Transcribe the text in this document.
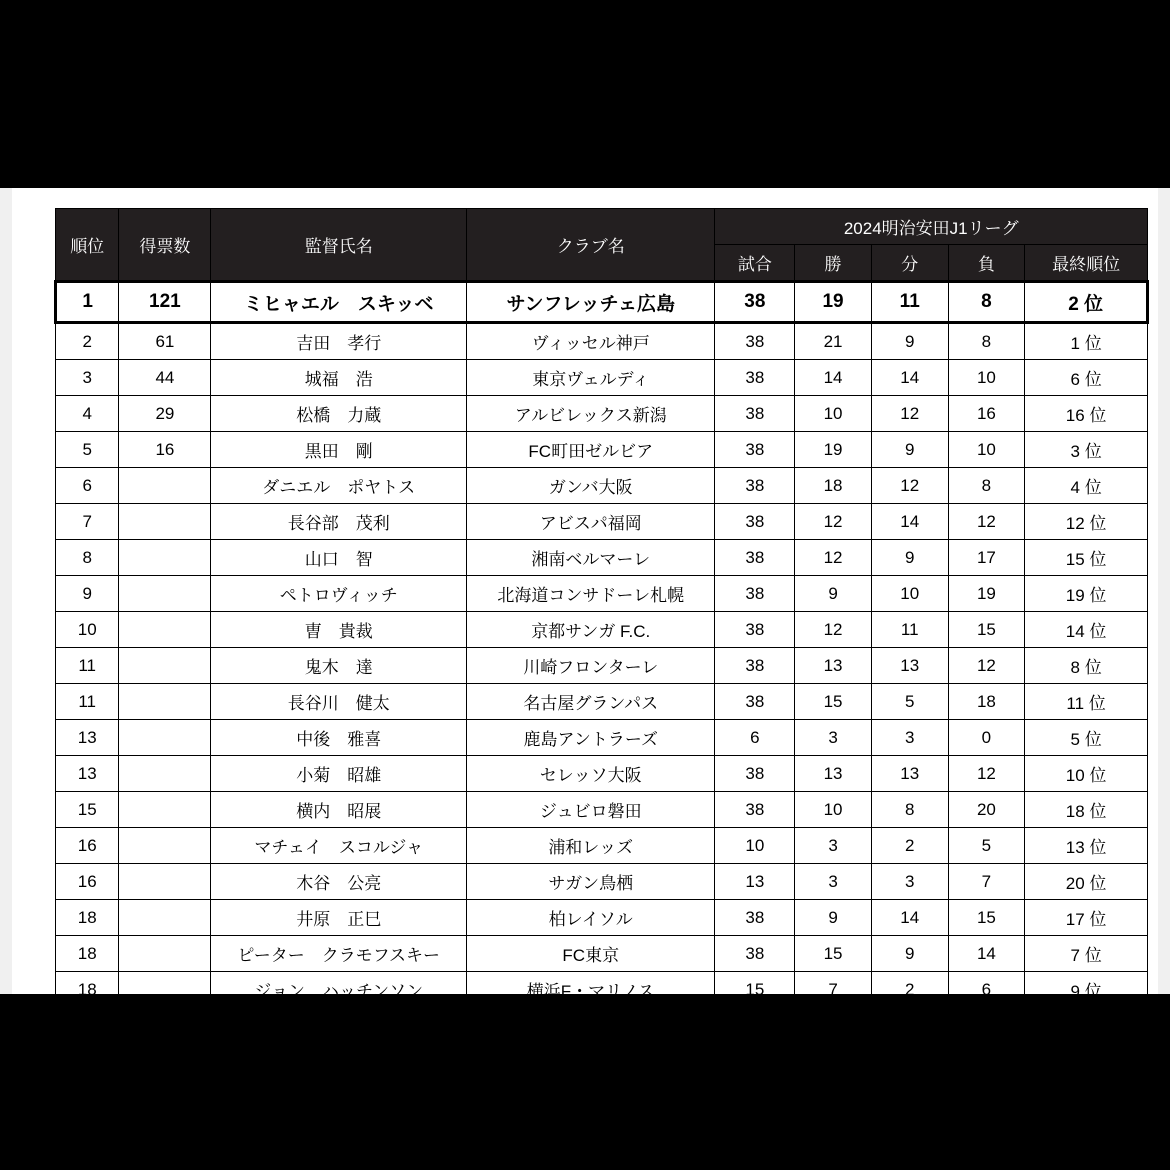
順位	得票数	監督氏名	クラブ名	2024明治安田J1リーグ				
				試合	勝	分	負	最終順位
1	121	ミヒャエル　スキッベ	サンフレッチェ広島	38	19	11	8	2 位
2	61	吉田　孝行	ヴィッセル神戸	38	21	9	8	1 位
3	44	城福　浩	東京ヴェルディ	38	14	14	10	6 位
4	29	松橋　力蔵	アルビレックス新潟	38	10	12	16	16 位
5	16	黒田　剛	FC町田ゼルビア	38	19	9	10	3 位
6		ダニエル　ポヤトス	ガンバ大阪	38	18	12	8	4 位
7		長谷部　茂利	アビスパ福岡	38	12	14	12	12 位
8		山口　智	湘南ベルマーレ	38	12	9	17	15 位
9		ペトロヴィッチ	北海道コンサドーレ札幌	38	9	10	19	19 位
10		曺　貴裁	京都サンガ F.C.	38	12	11	15	14 位
11		鬼木　達	川崎フロンターレ	38	13	13	12	8 位
11		長谷川　健太	名古屋グランパス	38	15	5	18	11 位
13		中後　雅喜	鹿島アントラーズ	6	3	3	0	5 位
13		小菊　昭雄	セレッソ大阪	38	13	13	12	10 位
15		横内　昭展	ジュビロ磐田	38	10	8	20	18 位
16		マチェイ　スコルジャ	浦和レッズ	10	3	2	5	13 位
16		木谷　公亮	サガン鳥栖	13	3	3	7	20 位
18		井原　正巳	柏レイソル	38	9	14	15	17 位
18		ピーター　クラモフスキー	FC東京	38	15	9	14	7 位
18		ジョン　ハッチンソン	横浜F・マリノス	15	7	2	6	9 位
